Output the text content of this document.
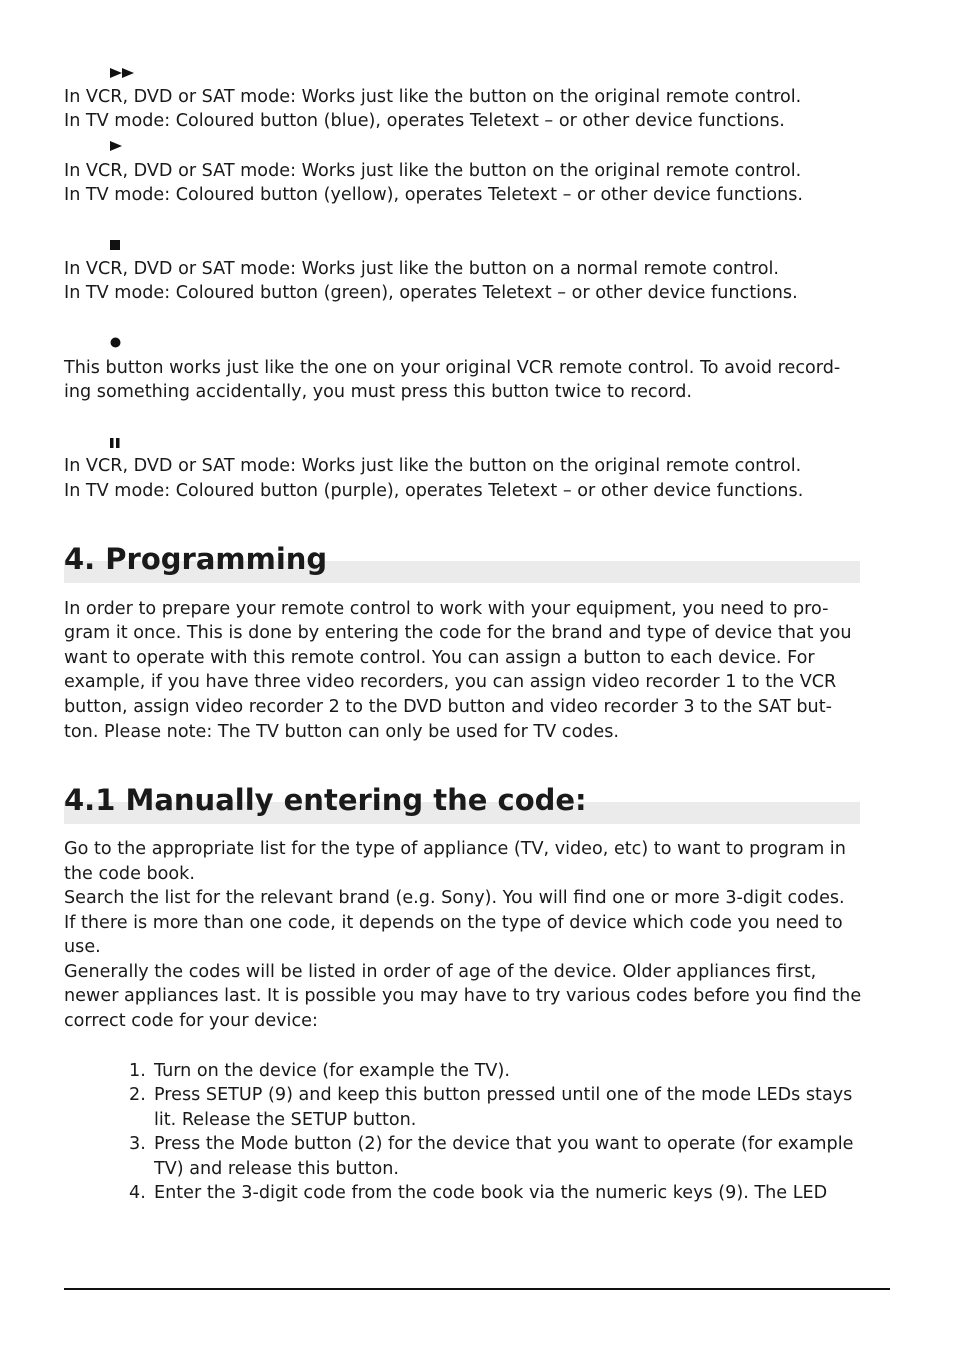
In VCR, DVD or SAT mode: Works just like the button on the original remote control.
In TV mode: Coloured button (blue), operates Teletext – or other device functions.
In VCR, DVD or SAT mode: Works just like the button on the original remote control.
In TV mode: Coloured button (yellow), operates Teletext – or other device functions.
In VCR, DVD or SAT mode: Works just like the button on a normal remote control.
In TV mode: Coloured button (green), operates Teletext – or other device functions.
This button works just like the one on your original VCR remote control. To avoid record-
ing something accidentally, you must press this button twice to record.
In VCR, DVD or SAT mode: Works just like the button on the original remote control.
In TV mode: Coloured button (purple), operates Teletext – or other device functions.
4. Programming
In order to prepare your remote control to work with your equipment, you need to pro-
gram it once. This is done by entering the code for the brand and type of device that you
want to operate with this remote control. You can assign a button to each device. For
example, if you have three video recorders, you can assign video recorder 1 to the VCR
button, assign video recorder 2 to the DVD button and video recorder 3 to the SAT but-
ton. Please note: The TV button can only be used for TV codes.
4.1 Manually entering the code:
Go to the appropriate list for the type of appliance (TV, video, etc) to want to program in
the code book.
Search the list for the relevant brand (e.g. Sony). You will find one or more 3-digit codes.
If there is more than one code, it depends on the type of device which code you need to
use.
Generally the codes will be listed in order of age of the device. Older appliances first,
newer appliances last. It is possible you may have to try various codes before you find the
correct code for your device:
1. Turn on the device (for example the TV).
2. Press SETUP (9) and keep this button pressed until one of the mode LEDs stays
lit. Release the SETUP button.
3. Press the Mode button (2) for the device that you want to operate (for example
TV) and release this button.
4. Enter the 3-digit code from the code book via the numeric keys (9). The LED
